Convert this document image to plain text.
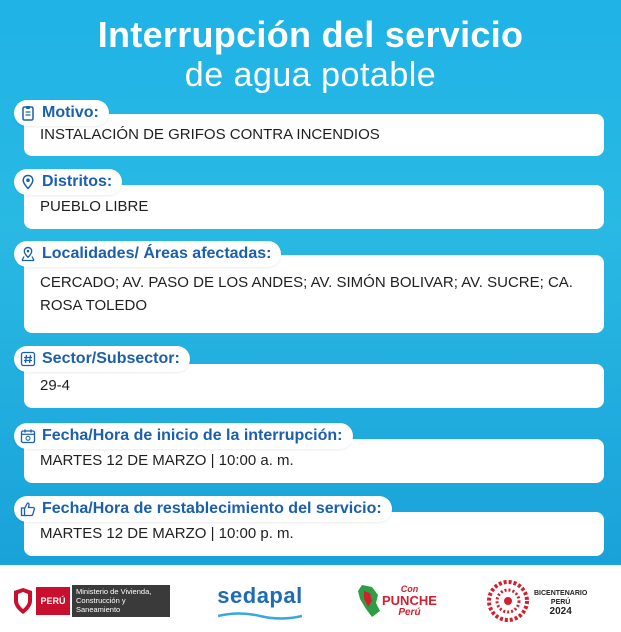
Interrupción del servicio
de agua potable
INSTALACIÓN DE GRIFOS CONTRA INCENDIOS
Motivo:
PUEBLO LIBRE
Distritos:
CERCADO; AV. PASO DE LOS ANDES; AV. SIMÓN BOLIVAR; AV. SUCRE; CA. ROSA TOLEDO
Localidades/ Áreas afectadas:
29-4
Sector/Subsector:
MARTES 12 DE MARZO | 10:00 a. m.
Fecha/Hora de inicio de la interrupción:
MARTES 12 DE MARZO | 10:00 p. m.
Fecha/Hora de restablecimiento del servicio:
PERÚ
Ministerio de Vivienda, Construcción y Saneamiento
sedapal	Con
PUNCHE
Perú
BICENTENARIO
PERÚ
2024
